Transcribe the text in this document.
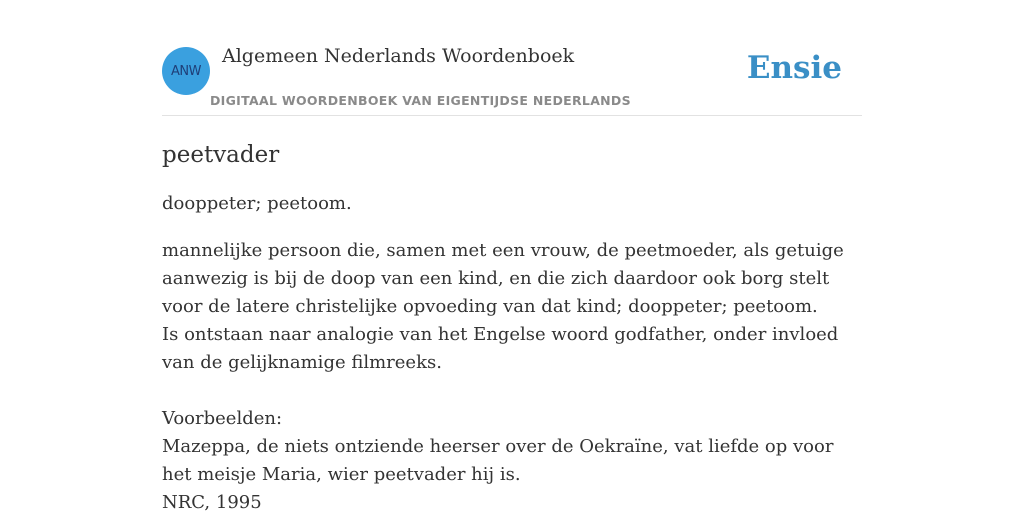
ANW
Algemeen Nederlands Woordenboek
DIGITAAL WOORDENBOEK VAN EIGENTIJDSE NEDERLANDS
Ensie
peetvader

dooppeter; peetoom.

mannelijke persoon die, samen met een vrouw, de peetmoeder, als getuige aanwezig is bij de doop van een kind, en die zich daardoor ook borg stelt voor de latere christelijke opvoeding van dat kind; dooppeter; peetoom.

Is ontstaan naar analogie van het Engelse woord godfather, onder invloed van de gelijknamige filmreeks.

Voorbeelden:

Mazeppa, de niets ontziende heerser over de Oekraïne, vat liefde op voor het meisje Maria, wier peetvader hij is.

NRC, 1995
